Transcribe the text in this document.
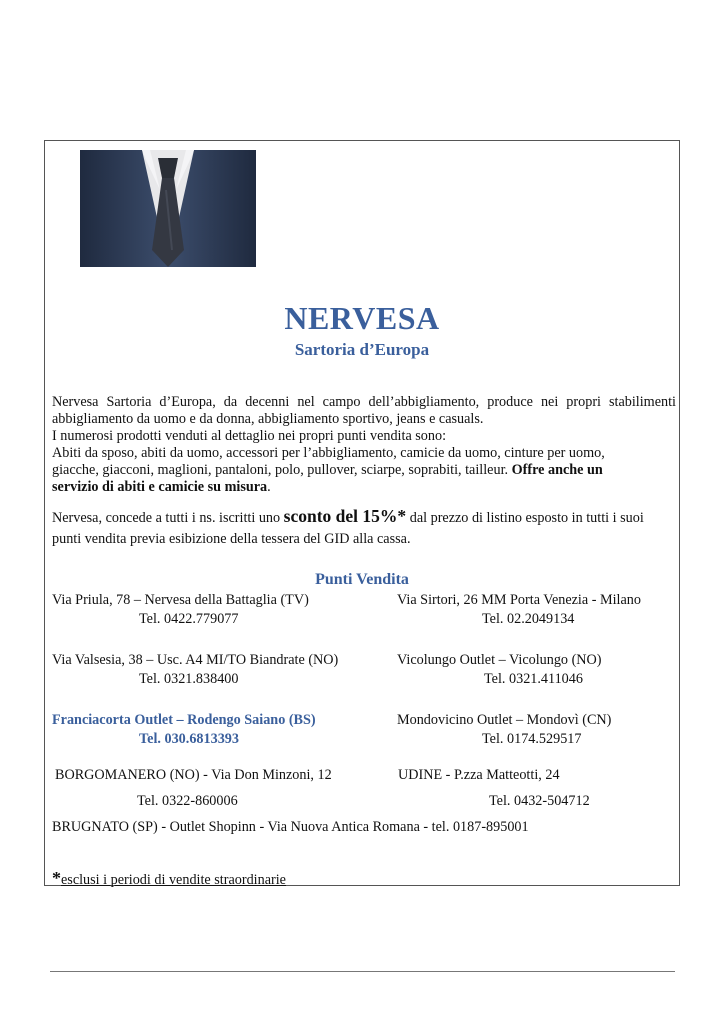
NERVESA
Sartoria d’Europa
Nervesa Sartoria d’Europa, da decenni nel campo dell’abbigliamento, produce nei propri stabilimenti
abbigliamento da uomo e da donna, abbigliamento sportivo, jeans e casuals.
I numerosi prodotti venduti al dettaglio nei propri punti vendita sono:
Abiti da sposo, abiti da uomo, accessori per l’abbigliamento, camicie da uomo, cinture per uomo,
giacche, giacconi, maglioni, pantaloni, polo, pullover, sciarpe, soprabiti, tailleur. Offre anche un
servizio di abiti e camicie su misura.
Nervesa, concede a tutti i ns. iscritti uno sconto del 15%* dal prezzo di listino esposto in tutti i suoi
punti vendita previa esibizione della tessera del GID alla cassa.
Punti Vendita
Via Priula, 78 – Nervesa della Battaglia (TV)
Tel. 0422.779077
Via Sirtori, 26 MM Porta Venezia - Milano
Tel. 02.2049134
Via Valsesia, 38 – Usc. A4 MI/TO Biandrate (NO)
Tel. 0321.838400
Vicolungo Outlet – Vicolungo (NO)
Tel. 0321.411046
Franciacorta Outlet – Rodengo Saiano (BS)
Tel. 030.6813393
Mondovicino Outlet – Mondovì (CN)
Tel. 0174.529517
BORGOMANERO (NO) - Via Don Minzoni, 12
Tel. 0322-860006
UDINE - P.zza Matteotti, 24
Tel. 0432-504712
BRUGNATO (SP) - Outlet Shopinn - Via Nuova Antica Romana - tel. 0187-895001
*esclusi i periodi di vendite straordinarie
